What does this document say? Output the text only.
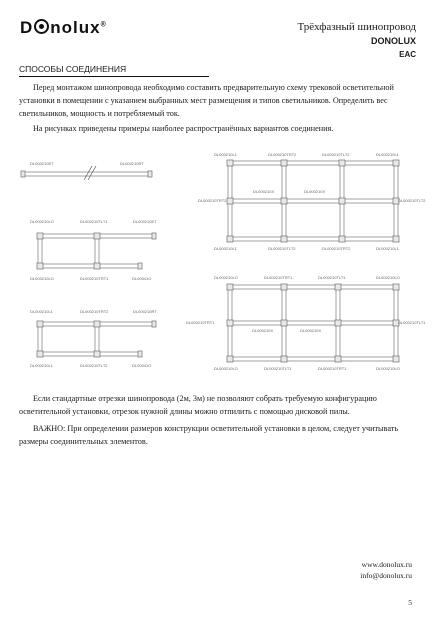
D nolux®	Трёхфазный шинопровод
DONOLUX
EAC
СПОСОБЫ СОЕДИНЕНИЯ

Перед монтажом шинопровода необходимо составить предварительную схему трековой осветительной установки в помещении с указанием выбранных мест размещения и типов светильников. Определить вес светильников, мощность и потребляемый ток.

На рисунках приведены примеры наиболее распространённых вариантов соединения.

DL000210ET	DL000210RT
DL000210LO	DL000210TLT1	DL000210ET
DL000210LO	DL000210TRT1	DL00041O
DL000210L1	DL000210TRT2	DL000210RT
DL000210L1	DL000210TLT2	DL00041O
DL000210L1	DL000210TRT2	DL000210TLT2	DL000210L1
DL000210TRT2
DL000210X	DL000210X
DL000210TLT2
DL000210L1	DL000210TLT2	DL000210TRT2	DL000210L1
DL000210LO	DL000210TRT1	DL000210TLT1	DL000210LO
DL000210TRT1
DL000210X	DL000210X
DL000210TLT1
DL000210LO	DL000210TLT1	DL000210TRT1	DL000210LO

Если стандартные отрезки шинопровода (2м, 3м) не позволяют собрать требуемую конфигурацию осветительной установки, отрезок нужной длины можно отпилить с помощью дисковой пилы.

ВАЖНО: При определении размеров конструкции осветительной установки в целом, следует учитывать размеры соединительных элементов.

www.donolux.ru
info@donolux.ru
5
